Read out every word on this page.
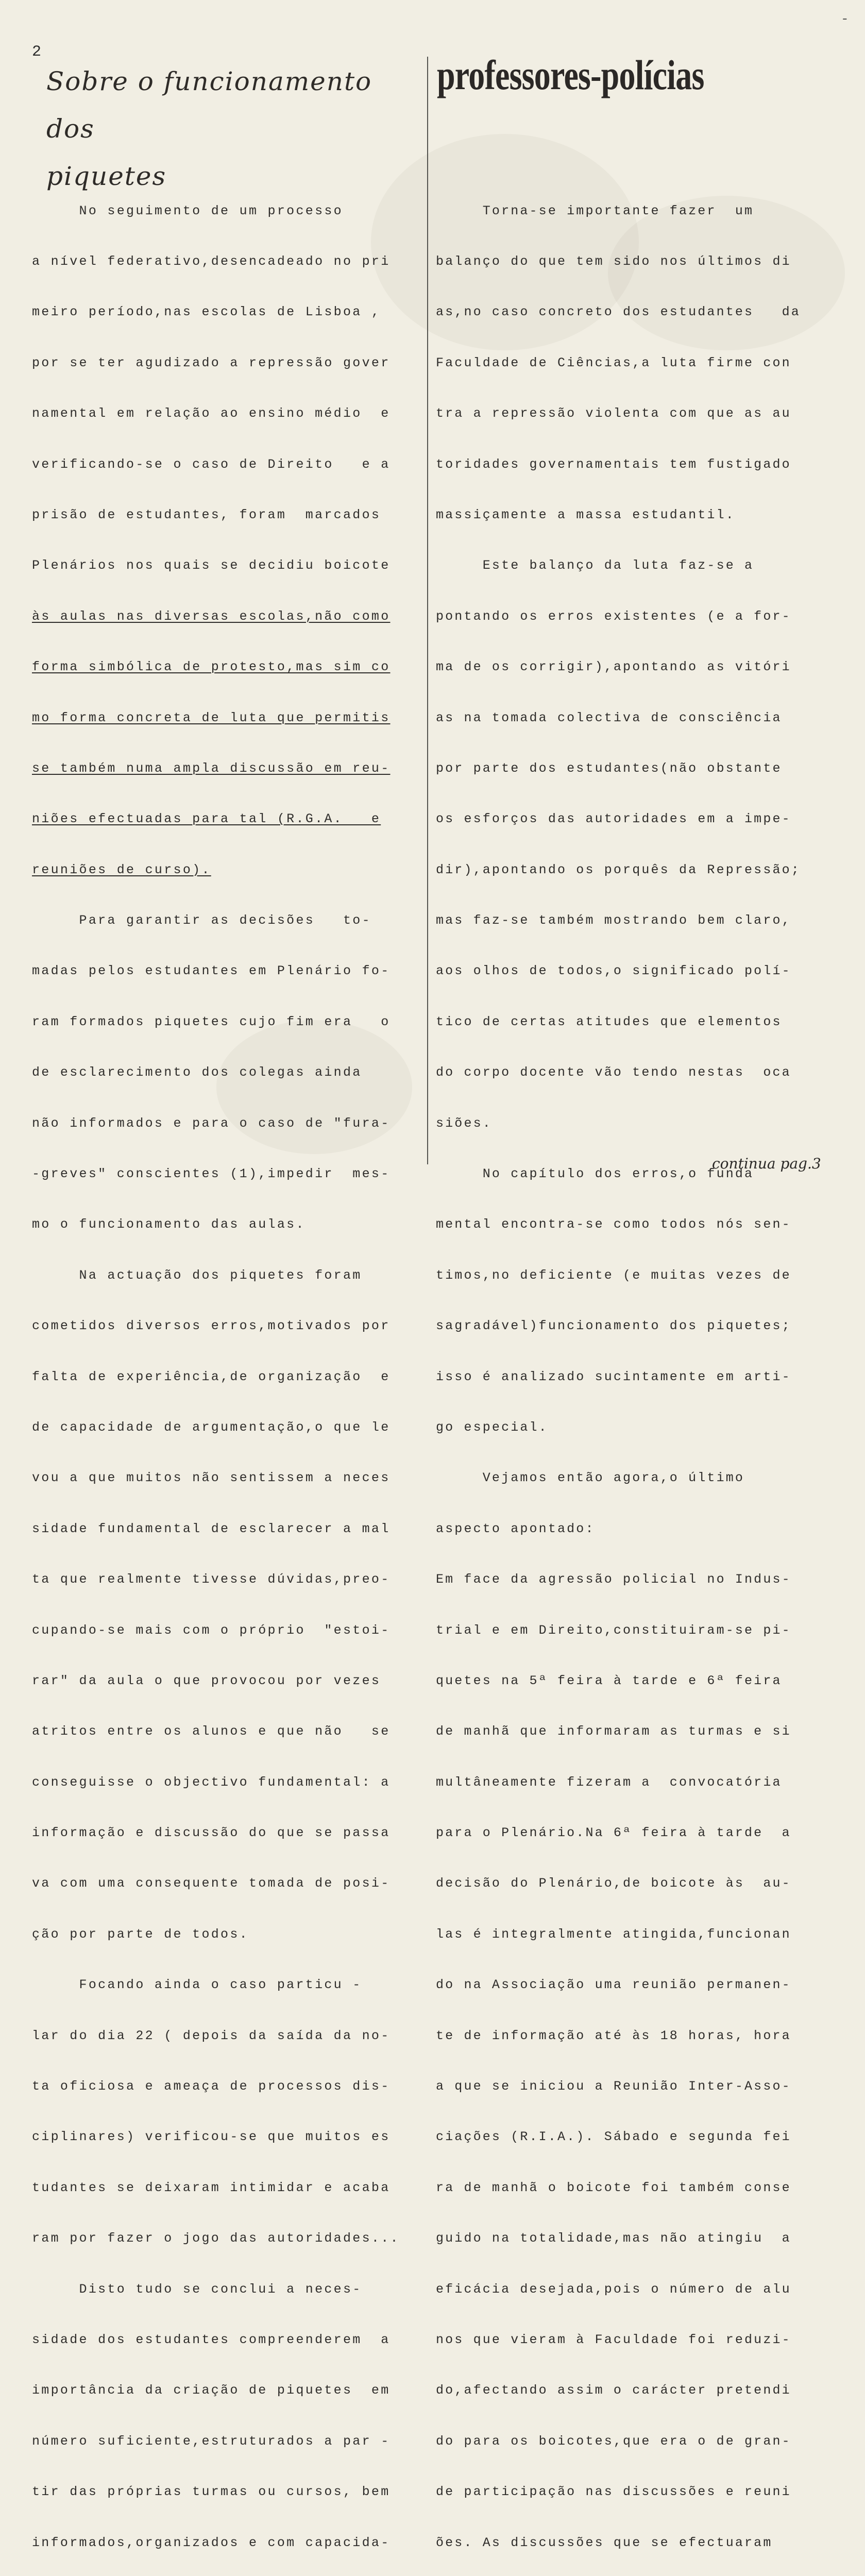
2
-
Sobre o funcionamento dos
piquetes
professores-polícias

No seguimento de um processo

a nível federativo,desencadeado no pri

meiro período,nas escolas de Lisboa ,

por se ter agudizado a repressão gover

namental em relação ao ensino médio  e

verificando-se o caso de Direito   e a

prisão de estudantes, foram  marcados

Plenários nos quais se decidiu boicote

às aulas nas diversas escolas,não como

forma simbólica de protesto,mas sim co

mo forma concreta de luta que permitis

se também numa ampla discussão em reu-

niões efectuadas para tal (R.G.A.   e

reuniões de curso).

Para garantir as decisões   to-

madas pelos estudantes em Plenário fo-

ram formados piquetes cujo fim era   o

de esclarecimento dos colegas ainda

não informados e para o caso de "fura-

-greves" conscientes (1),impedir  mes-

mo o funcionamento das aulas.

Na actuação dos piquetes foram

cometidos diversos erros,motivados por

falta de experiência,de organização  e

de capacidade de argumentação,o que le

vou a que muitos não sentissem a neces

sidade fundamental de esclarecer a mal

ta que realmente tivesse dúvidas,preo-

cupando-se mais com o próprio  "estoi-

rar" da aula o que provocou por vezes

atritos entre os alunos e que não   se

conseguisse o objectivo fundamental: a

informação e discussão do que se passa

va com uma consequente tomada de posi-

ção por parte de todos.

Focando ainda o caso particu -

lar do dia 22 ( depois da saída da no-

ta oficiosa e ameaça de processos dis-

ciplinares) verificou-se que muitos es

tudantes se deixaram intimidar e acaba

ram por fazer o jogo das autoridades...

Disto tudo se conclui a neces-

sidade dos estudantes compreenderem  a

importância da criação de piquetes  em

número suficiente,estruturados a par -

tir das próprias turmas ou cursos, bem

informados,organizados e com capacida-

Torna-se importante fazer  um

balanço do que tem sido nos últimos di

as,no caso concreto dos estudantes   da

Faculdade de Ciências,a luta firme con

tra a repressão violenta com que as au

toridades governamentais tem fustigado

massiçamente a massa estudantil.

Este balanço da luta faz-se a

pontando os erros existentes (e a for-

ma de os corrigir),apontando as vitóri

as na tomada colectiva de consciência

por parte dos estudantes(não obstante

os esforços das autoridades em a impe-

dir),apontando os porquês da Repressão;

mas faz-se também mostrando bem claro,

aos olhos de todos,o significado polí-

tico de certas atitudes que elementos

do corpo docente vão tendo nestas  oca

siões.

No capítulo dos erros,o funda

mental encontra-se como todos nós sen-

timos,no deficiente (e muitas vezes de

sagradável)funcionamento dos piquetes;

isso é analizado sucintamente em arti-

go especial.

Vejamos então agora,o último

aspecto apontado:

Em face da agressão policial no Indus-

trial e em Direito,constituiram-se pi-

quetes na 5ª feira à tarde e 6ª feira

de manhã que informaram as turmas e si

multâneamente fizeram a  convocatória

para o Plenário.Na 6ª feira à tarde  a

decisão do Plenário,de boicote às  au-

las é integralmente atingida,funcionan

do na Associação uma reunião permanen-

te de informação até às 18 horas, hora

a que se iniciou a Reunião Inter-Asso-

ciações (R.I.A.). Sábado e segunda fei

ra de manhã o boicote foi também conse

guido na totalidade,mas não atingiu  a

eficácia desejada,pois o número de alu

nos que vieram à Faculdade foi reduzi-

do,afectando assim o carácter pretendi

do para os boicotes,que era o de gran-

de participação nas discussões e reuni

ões. As discussões que se efectuaram

continua pag.3
